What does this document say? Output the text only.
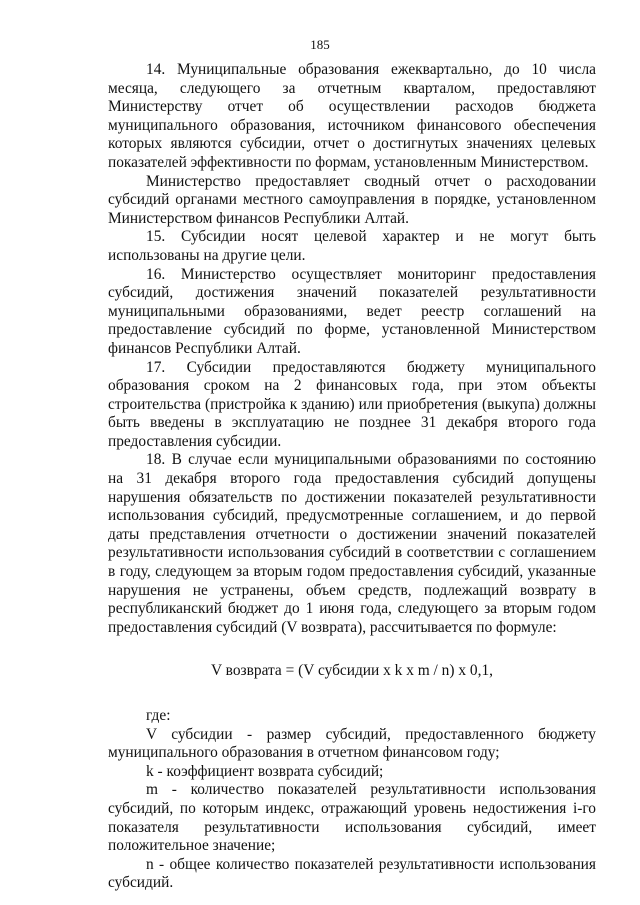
185

14. Муниципальные образования ежеквартально, до 10 числа месяца, следующего за отчетным кварталом, предоставляют Министерству отчет об осуществлении расходов бюджета муниципального образования, источником финансового обеспечения которых являются субсидии, отчет о достигнутых значениях целевых показателей эффективности по формам, установленным Министерством.

Министерство предоставляет сводный отчет о расходовании субсидий органами местного самоуправления в порядке, установленном Министерством финансов Республики Алтай.

15. Субсидии носят целевой характер и не могут быть использованы на другие цели.

16. Министерство осуществляет мониторинг предоставления субсидий, достижения значений показателей результативности муниципальными образованиями, ведет реестр соглашений на предоставление субсидий по форме, установленной Министерством финансов Республики Алтай.

17. Субсидии предоставляются бюджету муниципального образования сроком на 2 финансовых года, при этом объекты строительства (пристройка к зданию) или приобретения (выкупа) должны быть введены в эксплуатацию не позднее 31 декабря второго года предоставления субсидии.

18. В случае если муниципальными образованиями по состоянию на 31 декабря второго года предоставления субсидий допущены нарушения обязательств по достижении показателей результативности использования субсидий, предусмотренные соглашением, и до первой даты представления отчетности о достижении значений показателей результативности использования субсидий в соответствии с соглашением в году, следующем за вторым годом предоставления субсидий, указанные нарушения не устранены, объем средств, подлежащий возврату в республиканский бюджет до 1 июня года, следующего за вторым годом предоставления субсидий (V возврата), рассчитывается по формуле:

V возврата = (V субсидии x k x m / n) x 0,1,

где:

V субсидии - размер субсидий, предоставленного бюджету муниципального образования в отчетном финансовом году;

k - коэффициент возврата субсидий;

m - количество показателей результативности использования субсидий, по которым индекс, отражающий уровень недостижения i-го показателя результативности использования субсидий, имеет положительное значение;

n - общее количество показателей результативности использования субсидий.
